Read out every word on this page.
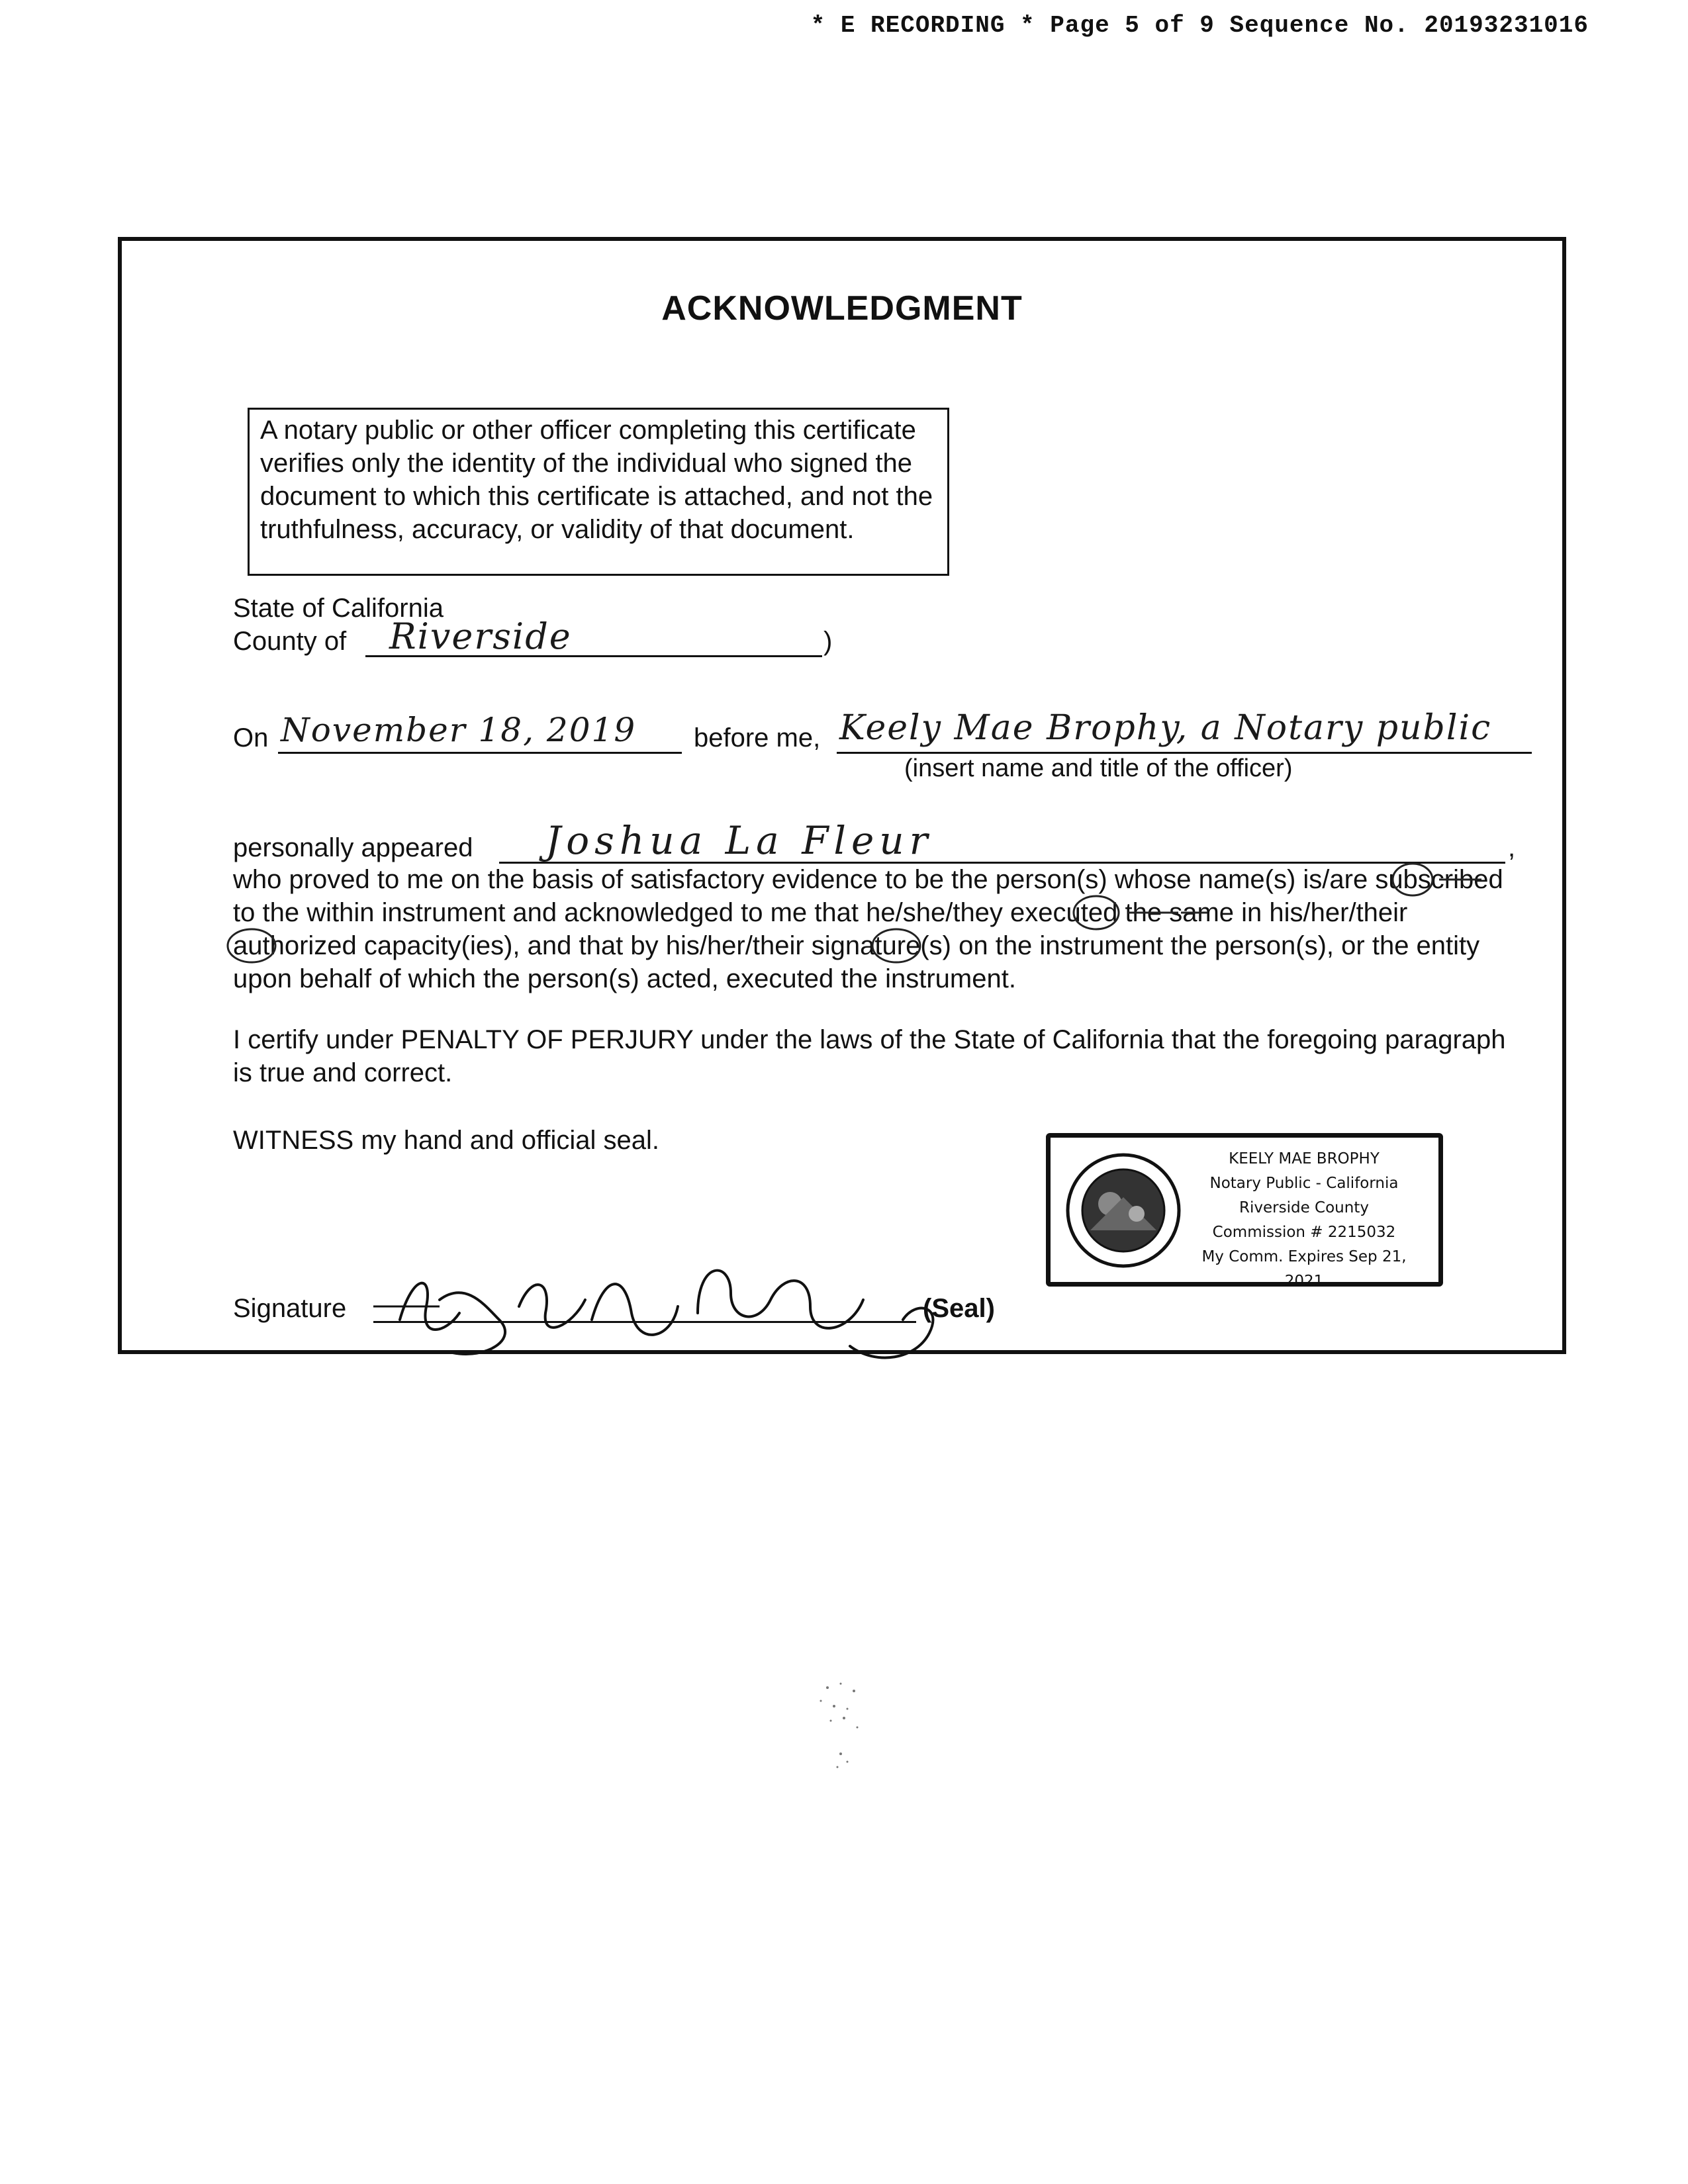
* E RECORDING * Page 5 of 9 Sequence No. 20193231016
ACKNOWLEDGMENT
A notary public or other officer completing this certificate verifies only the identity of the individual who signed the document to which this certificate is attached, and not the truthfulness, accuracy, or validity of that document.
State of California
County of Riverside	)
On November 18, 2019 before me, Keely Mae Brophy, a Notary public
(insert name and title of the officer)
personally appeared Joshua La Fleur	,
who proved to me on the basis of satisfactory evidence to be the person(s) whose name(s) is/are subscribed to the within instrument and acknowledged to me that he/she/they executed the same in his/her/their authorized capacity(ies), and that by his/her/their signature(s) on the instrument the person(s), or the entity upon behalf of which the person(s) acted, executed the instrument.
I certify under PENALTY OF PERJURY under the laws of the State of California that the foregoing paragraph is true and correct.
WITNESS my hand and official seal.
Signature	(Seal)
KEELY MAE BROPHY
Notary Public - California
Riverside County
Commission # 2215032
My Comm. Expires Sep 21, 2021
